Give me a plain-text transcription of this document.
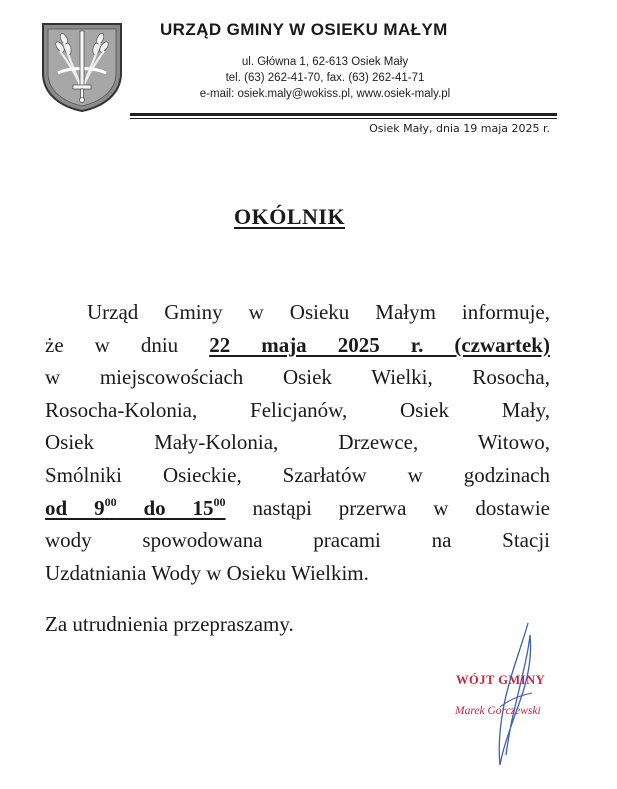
URZĄD GMINY W OSIEKU MAŁYM
ul. Główna 1, 62-613 Osiek Mały
tel. (63) 262-41-70, fax. (63) 262-41-71
e-mail: osiek.maly@wokiss.pl, www.osiek-maly.pl
Osiek Mały, dnia 19 maja 2025 r.
OKÓLNIK
Urząd Gminy w Osieku Małym informuje,
że w dniu 22 maja 2025 r. (czwartek)
w miejscowościach Osiek Wielki, Rosocha,
Rosocha-Kolonia, Felicjanów, Osiek Mały,
Osiek Mały-Kolonia, Drzewce, Witowo,
Smólniki Osieckie, Szarłatów w godzinach
od $9^{00}$ do $15^{00}$ nastąpi przerwa w dostawie
wody spowodowana pracami na Stacji
Uzdatniania Wody w Osieku Wielkim.
Za utrudnienia przepraszamy.
WÓJT GMINY
Marek Gorczewski
